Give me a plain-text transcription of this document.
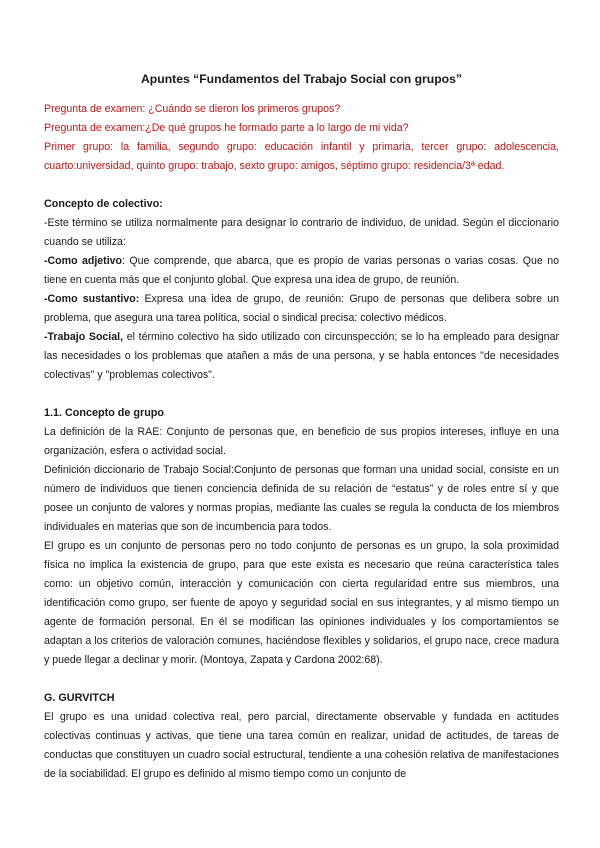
Apuntes “Fundamentos del Trabajo Social con grupos”

Pregunta de examen: ¿Cuándo se dieron los primeros grupos?

Pregunta de examen:¿De qué grupos he formado parte a lo largo de mi vida?

Primer grupo: la familia, segundo grupo: educación infantil y primaria, tercer grupo: adolescencia, cuarto:universidad, quinto grupo: trabajo, sexto grupo: amigos, séptimo grupo: residencia/3ª edad.

Concepto de colectivo:

-Este término se utiliza normalmente para designar lo contrario de individuo, de unidad. Según el diccionario cuando se utiliza:

-Como adjetivo: Que comprende, que abarca, que es propio de varias personas o varias cosas. Que no tiene en cuenta más que el conjunto global. Que expresa una idea de grupo, de reunión.

-Como sustantivo: Expresa una idea de grupo, de reunión: Grupo de personas que delibera sobre un problema, que asegura una tarea política, social o sindical precisa: colectivo médicos.

-Trabajo Social, el término colectivo ha sido utilizado con circunspección; se lo ha empleado para designar las necesidades o los problemas que atañen a más de una persona, y se habla entonces "de necesidades colectivas" y "problemas colectivos".

1.1. Concepto de grupo

La definición de la RAE: Conjunto de personas que, en beneficio de sus propios intereses, influye en una organización, esfera o actividad social.

Definición diccionario de Trabajo Social:Conjunto de personas que forman una unidad social, consiste en un número de individuos que tienen conciencia definida de su relación de “estatus” y de roles entre sí y que posee un conjunto de valores y normas propias, mediante las cuales se regula la conducta de los miembros individuales en materias que son de incumbencia para todos.

El grupo es un conjunto de personas pero no todo conjunto de personas es un grupo, la sola proximidad física no implica la existencia de grupo, para que este exista es necesario que reúna característica tales como: un objetivo común, interacción y comunicación con cierta regularidad entre sus miembros, una identificación como grupo, ser fuente de apoyo y seguridad social en sus integrantes, y al mismo tiempo un agente de formación personal. En él se modifican las opiniones individuales y los comportamientos se adaptan a los criterios de valoración comunes, haciéndose flexibles y solidarios, el grupo nace, crece madura y puede llegar a declinar y morir. (Montoya, Zapata y Cardona 2002:68).

G. GURVITCH

El grupo es una unidad colectiva real, pero parcial, directamente observable y fundada en actitudes colectivas continuas y activas, que tiene una tarea común en realizar, unidad de actitudes, de tareas de conductas que constituyen un cuadro social estructural, tendiente a una cohesión relativa de manifestaciones de la sociabilidad. El grupo es definido al mismo tiempo como un conjunto de
